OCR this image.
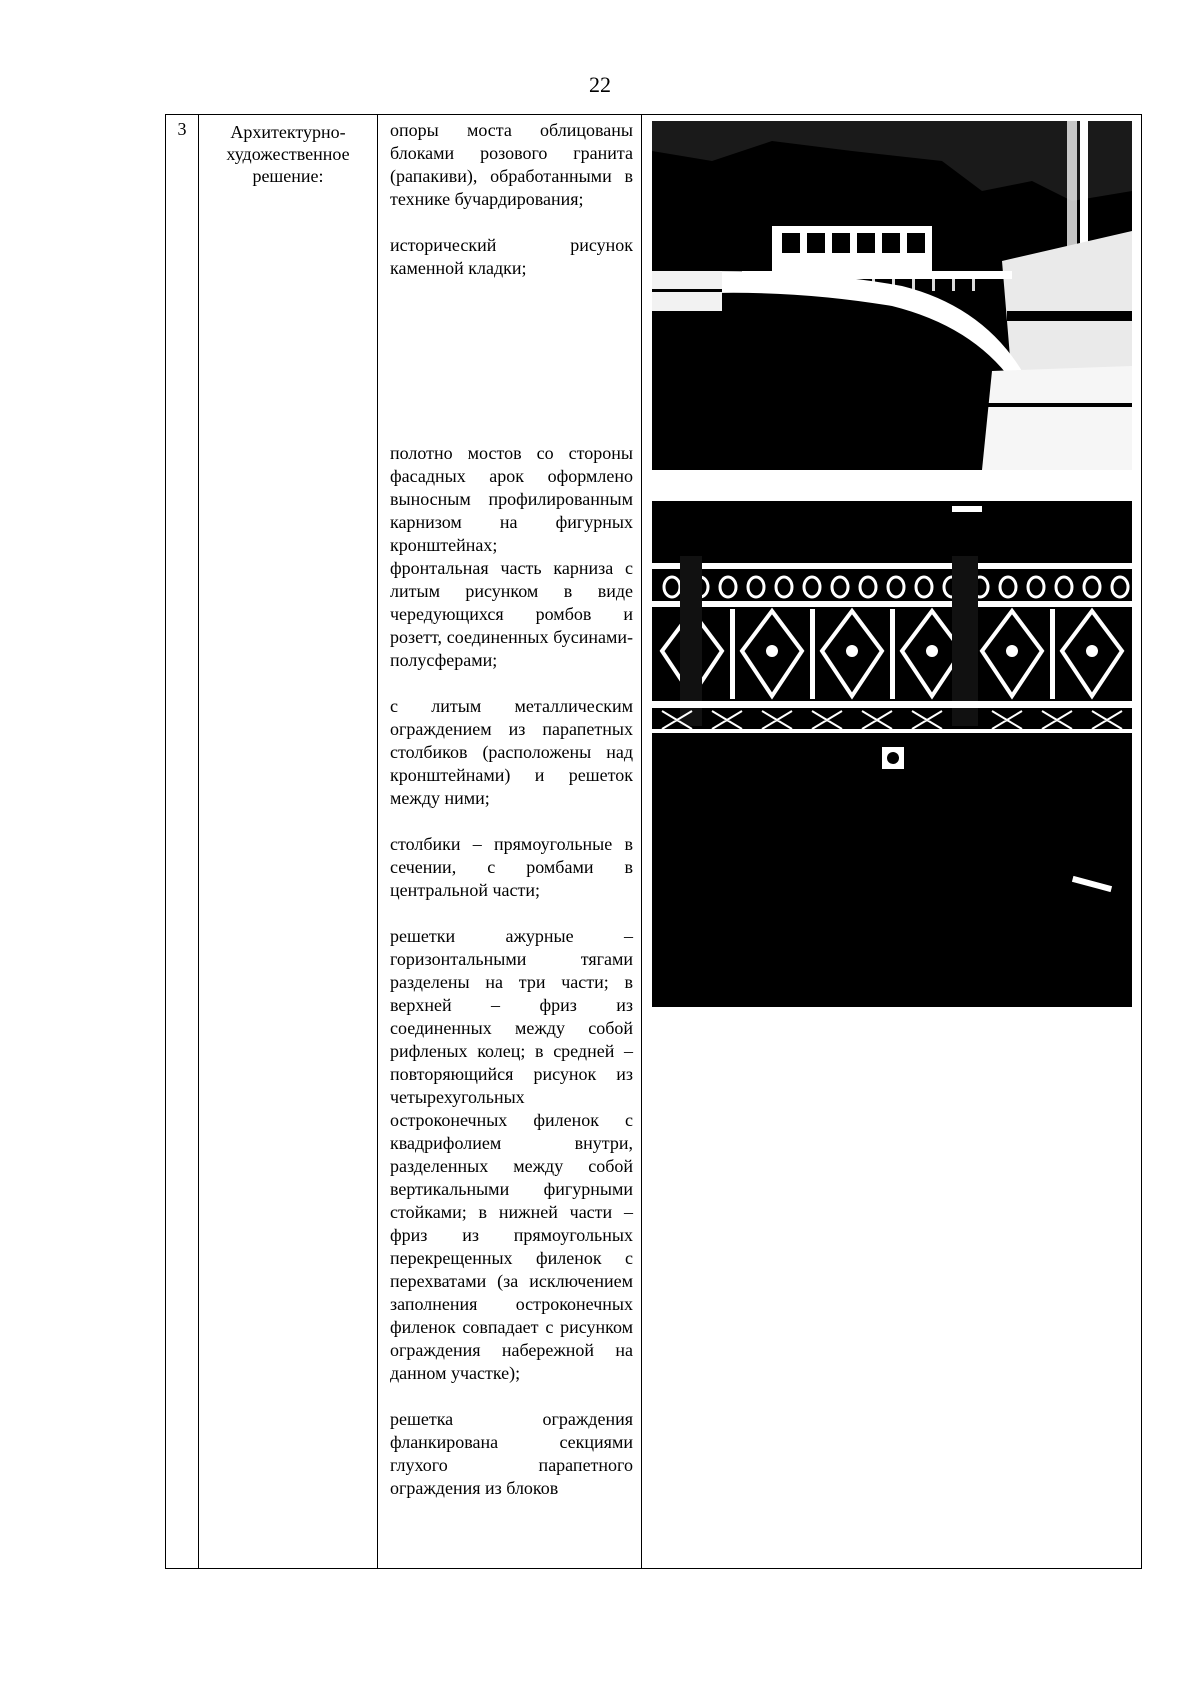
22
3	Архитектурно-художественное решение:

опоры моста облицованы блоками розового гранита (рапакиви), обработанными в технике бучардирования;

исторический рисунок каменной кладки;

полотно мостов со стороны фасадных арок оформлено выносным профилированным карнизом на фигурных кронштейнах;

фронтальная часть карниза с литым рисунком в виде чередующихся ромбов и розетт, соединенных бусинами-полусферами;

с литым металлическим ограждением из парапетных столбиков (расположены над кронштейнами) и решеток между ними;

столбики – прямоугольные в сечении, с ромбами в центральной части;

решетки ажурные – горизонтальными тягами разделены на три части; в верхней – фриз из соединенных между собой рифленых колец; в средней – повторяющийся рисунок из четырехугольных остроконечных филенок с квадрифолием внутри, разделенных между собой вертикальными фигурными стойками; в нижней части – фриз из прямоугольных перекрещенных филенок с перехватами (за исключением заполнения остроконечных филенок совпадает с рисунком ограждения набережной на данном участке);

решетка ограждения фланкирована секциями глухого парапетного ограждения из блоков
